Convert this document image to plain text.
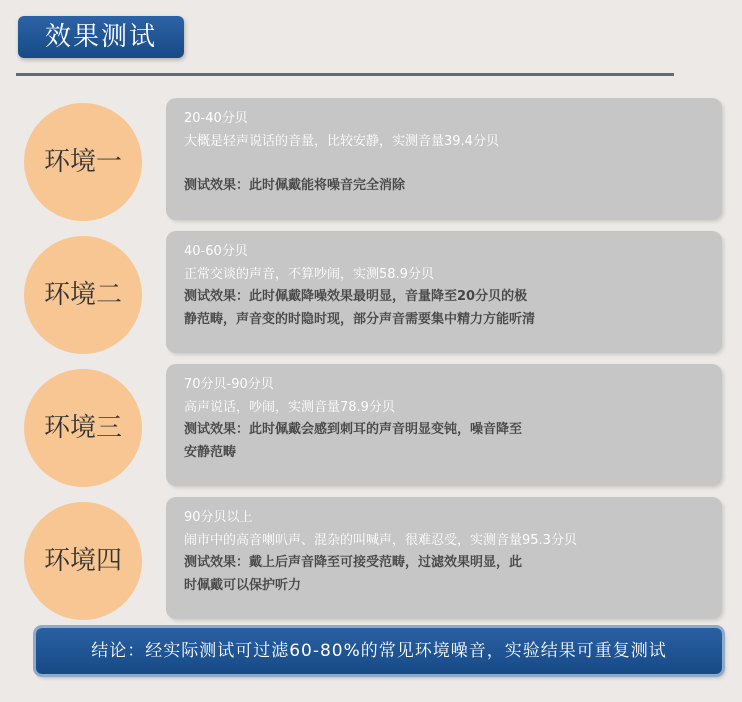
效果测试
环境一
20-40分贝
大概是轻声说话的音量，比较安静，实测音量39.4分贝
测试效果：此时佩戴能将噪音完全消除
环境二
40-60分贝
正常交谈的声音，不算吵闹，实测58.9分贝
测试效果：此时佩戴降噪效果最明显，音量降至20分贝的极
静范畴，声音变的时隐时现，部分声音需要集中精力方能听清
环境三
70分贝-90分贝
高声说话，吵闹，实测音量78.9分贝
测试效果：此时佩戴会感到刺耳的声音明显变钝，噪音降至
安静范畴
环境四
90分贝以上
闹市中的高音喇叭声、混杂的叫喊声，很难忍受，实测音量95.3分贝
测试效果：戴上后声音降至可接受范畴，过滤效果明显，此
时佩戴可以保护听力
结论：经实际测试可过滤60-80%的常见环境噪音，实验结果可重复测试
